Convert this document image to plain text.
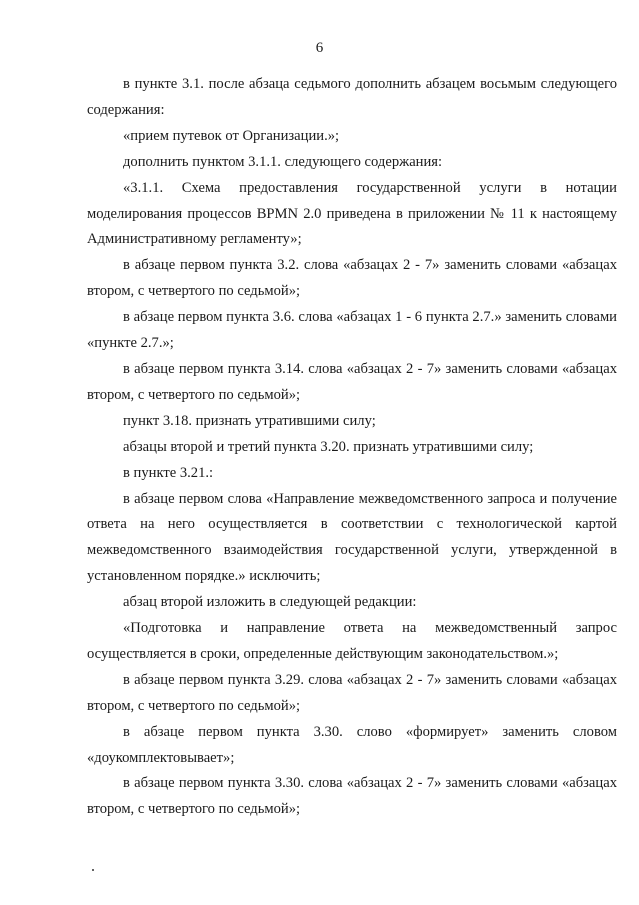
6

в пункте 3.1. после абзаца седьмого дополнить абзацем восьмым следующего содержания:

«прием путевок от Организации.»;

дополнить пунктом 3.1.1. следующего содержания:

«3.1.1. Схема предоставления государственной услуги в нотации моделирования процессов ВРМN 2.0 приведена в приложении № 11 к настоящему Административному регламенту»;

в абзаце первом пункта 3.2. слова «абзацах 2 - 7» заменить словами «абзацах втором, с четвертого по седьмой»;

в абзаце первом пункта 3.6. слова «абзацах 1 - 6 пункта 2.7.» заменить словами «пункте 2.7.»;

в абзаце первом пункта 3.14. слова «абзацах 2 - 7» заменить словами «абзацах втором, с четвертого по седьмой»;

пункт 3.18. признать утратившими силу;

абзацы второй и третий пункта 3.20. признать утратившими силу;

в пункте 3.21.:

в абзаце первом слова «Направление межведомственного запроса и получение ответа на него осуществляется в соответствии с технологической картой межведомственного взаимодействия государственной услуги, утвержденной в установленном порядке.» исключить;

абзац второй изложить в следующей редакции:

«Подготовка и направление ответа на межведомственный запрос осуществляется в сроки, определенные действующим законодательством.»;

в абзаце первом пункта 3.29. слова «абзацах 2 - 7» заменить словами «абзацах втором, с четвертого по седьмой»;

в абзаце первом пункта 3.30. слово «формирует» заменить словом «доукомплектовывает»;

в абзаце первом пункта 3.30. слова «абзацах 2 - 7» заменить словами «абзацах втором, с четвертого по седьмой»;
